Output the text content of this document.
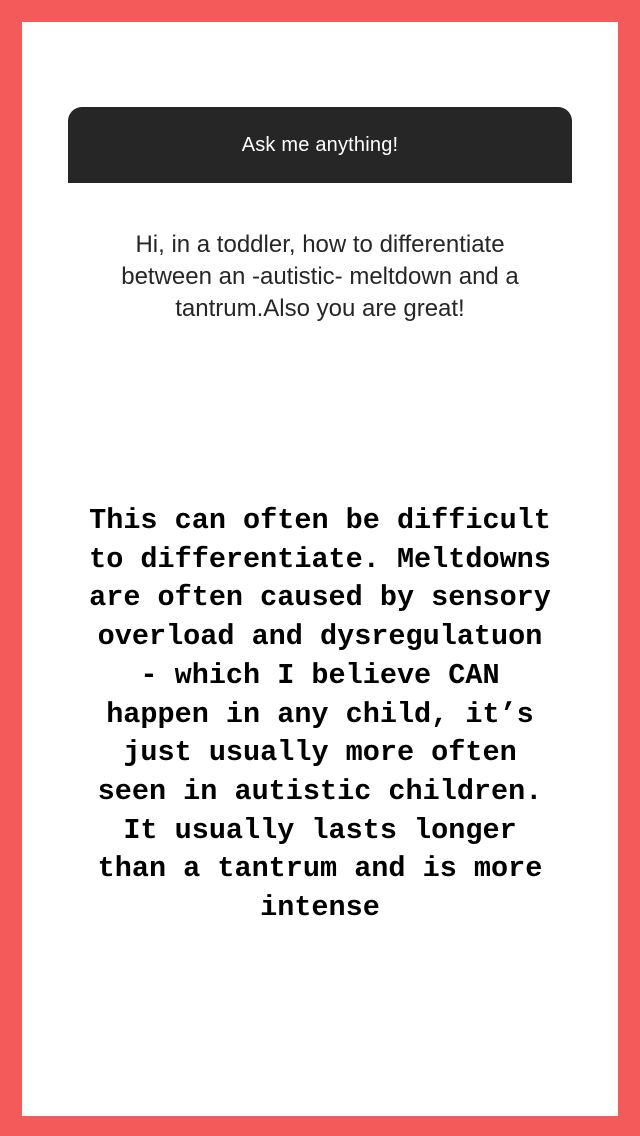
Ask me anything!
Hi, in a toddler, how to differentiate between an -autistic- meltdown and a tantrum.Also you are great!
This can often be difficult
to differentiate. Meltdowns
are often caused by sensory
overload and dysregulatuon
- which I believe CAN
happen in any child, it’s
just usually more often
seen in autistic children.
It usually lasts longer
than a tantrum and is more
intense
